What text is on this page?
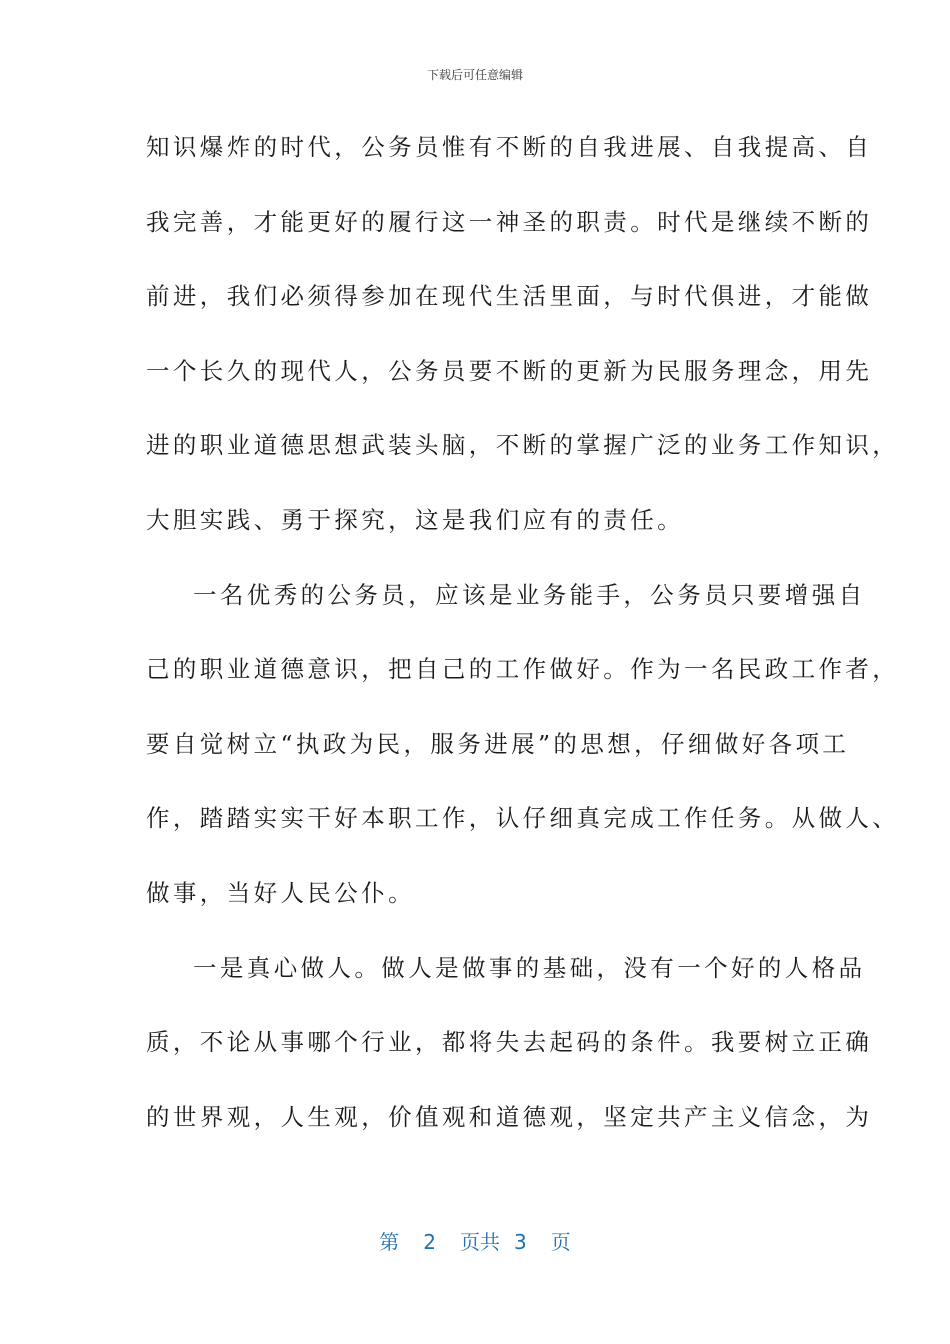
下载后可任意编辑
知识爆炸的时代，公务员惟有不断的自我进展、自我提高、自
我完善，才能更好的履行这一神圣的职责。时代是继续不断的
前进，我们必须得参加在现代生活里面，与时代俱进，才能做
一个长久的现代人，公务员要不断的更新为民服务理念，用先
进的职业道德思想武装头脑，不断的掌握广泛的业务工作知识，
大胆实践、勇于探究，这是我们应有的责任。
一名优秀的公务员，应该是业务能手，公务员只要增强自
己的职业道德意识，把自己的工作做好。作为一名民政工作者，
要自觉树立“执政为民，服务进展”的思想，仔细做好各项工
作，踏踏实实干好本职工作，认仔细真完成工作任务。从做人、
做事，当好人民公仆。
一是真心做人。做人是做事的基础，没有一个好的人格品
质，不论从事哪个行业，都将失去起码的条件。我要树立正确
的世界观，人生观，价值观和道德观，坚定共产主义信念，为
第 2 页共 3 页
